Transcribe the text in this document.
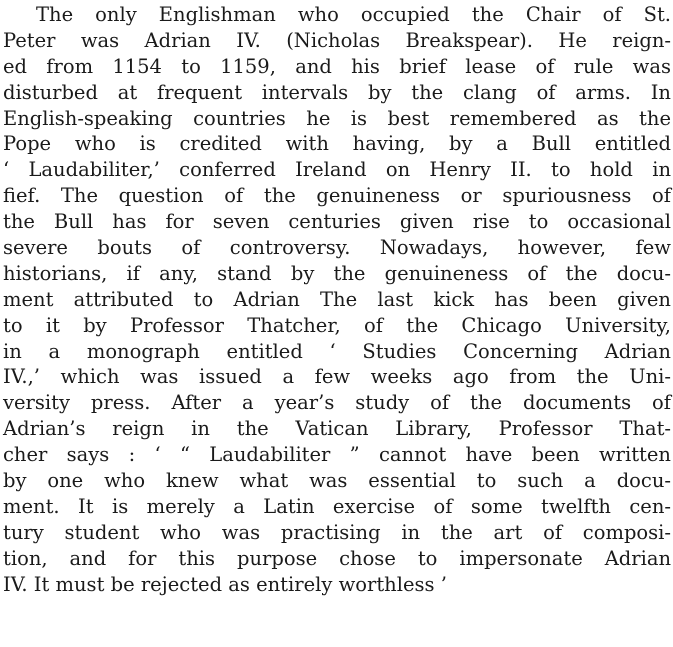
The only Englishman who occupied the Chair of St.
Peter was Adrian IV. (Nicholas Breakspear). He reign-
ed from 1154 to 1159, and his brief lease of rule was
disturbed at frequent intervals by the clang of arms. In
English-speaking countries he is best remembered as the
Pope who is credited with having, by a Bull entitled
‘ Laudabiliter,’ conferred Ireland on Henry II. to hold in
fief. The question of the genuineness or spuriousness of
the Bull has for seven centuries given rise to occasional
severe bouts of controversy. Nowadays, however, few
historians, if any, stand by the genuineness of the docu-
ment attributed to Adrian The last kick has been given
to it by Professor Thatcher, of the Chicago University,
in a monograph entitled ‘ Studies Concerning Adrian
IV.,’ which was issued a few weeks ago from the Uni-
versity press. After a year’s study of the documents of
Adrian’s reign in the Vatican Library, Professor That-
cher says : ‘ “ Laudabiliter ” cannot have been written
by one who knew what was essential to such a docu-
ment. It is merely a Latin exercise of some twelfth cen-
tury student who was practising in the art of composi-
tion, and for this purpose chose to impersonate Adrian
IV. It must be rejected as entirely worthless ’
